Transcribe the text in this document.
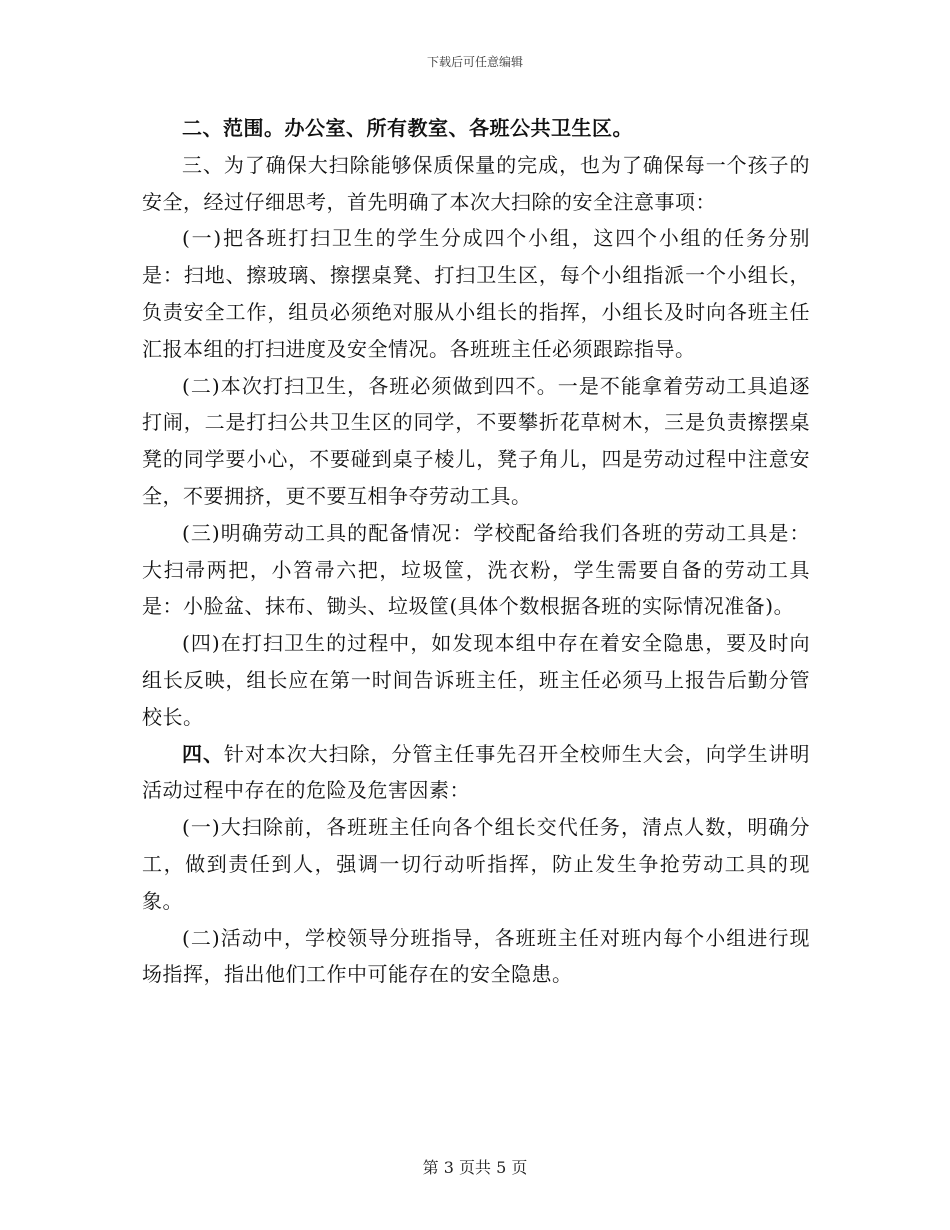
下载后可任意编辑

二、范围。办公室、所有教室、各班公共卫生区。

三、为了确保大扫除能够保质保量的完成，也为了确保每一个孩子的安全，经过仔细思考，首先明确了本次大扫除的安全注意事项：

(一)把各班打扫卫生的学生分成四个小组，这四个小组的任务分别是：扫地、擦玻璃、擦摆桌凳、打扫卫生区，每个小组指派一个小组长，负责安全工作，组员必须绝对服从小组长的指挥，小组长及时向各班主任汇报本组的打扫进度及安全情况。各班班主任必须跟踪指导。

(二)本次打扫卫生，各班必须做到四不。一是不能拿着劳动工具追逐打闹，二是打扫公共卫生区的同学，不要攀折花草树木，三是负责擦摆桌凳的同学要小心，不要碰到桌子棱儿，凳子角儿，四是劳动过程中注意安全，不要拥挤，更不要互相争夺劳动工具。

(三)明确劳动工具的配备情况：学校配备给我们各班的劳动工具是：大扫帚两把，小笤帚六把，垃圾筐，洗衣粉，学生需要自备的劳动工具是：小脸盆、抹布、锄头、垃圾筐(具体个数根据各班的实际情况准备)。

(四)在打扫卫生的过程中，如发现本组中存在着安全隐患，要及时向组长反映，组长应在第一时间告诉班主任，班主任必须马上报告后勤分管校长。

四、针对本次大扫除，分管主任事先召开全校师生大会，向学生讲明活动过程中存在的危险及危害因素：

(一)大扫除前，各班班主任向各个组长交代任务，清点人数，明确分工，做到责任到人，强调一切行动听指挥，防止发生争抢劳动工具的现象。

(二)活动中，学校领导分班指导，各班班主任对班内每个小组进行现场指挥，指出他们工作中可能存在的安全隐患。

第 3 页共 5 页
